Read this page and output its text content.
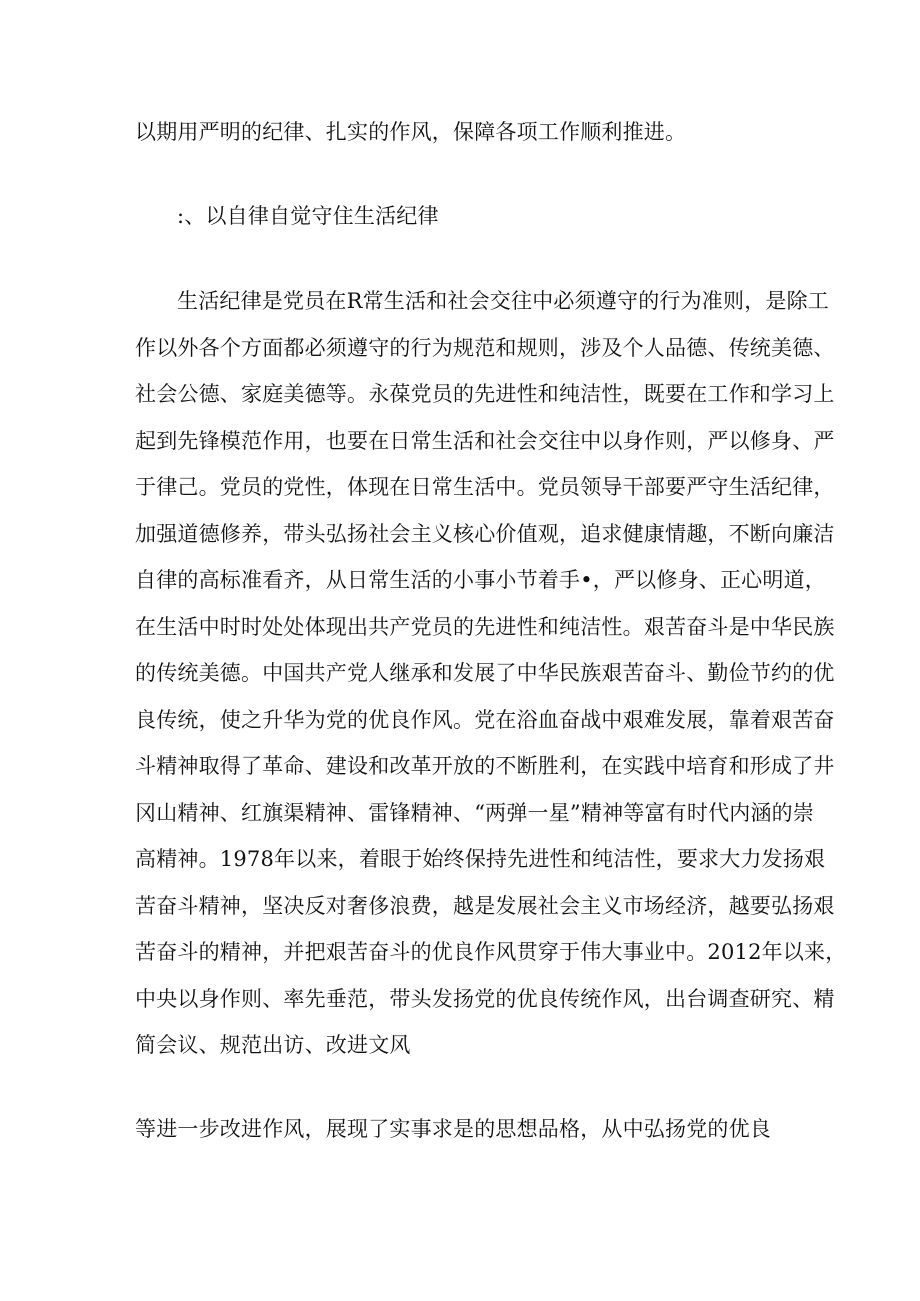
以期用严明的纪律、扎实的作风，保障各项工作顺利推进。
:、以自律自觉守住生活纪律
生活纪律是党员在R常生活和社会交往中必须遵守的行为准则，是除工
作以外各个方面都必须遵守的行为规范和规则，涉及个人品德、传统美德、
社会公德、家庭美德等。永葆党员的先进性和纯洁性，既要在工作和学习上
起到先锋模范作用，也要在日常生活和社会交往中以身作则，严以修身、严
于律己。党员的党性，体现在日常生活中。党员领导干部要严守生活纪律，
加强道德修养，带头弘扬社会主义核心价值观，追求健康情趣，不断向廉洁
自律的高标准看齐，从日常生活的小事小节着手•，严以修身、正心明道，
在生活中时时处处体现出共产党员的先进性和纯洁性。艰苦奋斗是中华民族
的传统美德。中国共产党人继承和发展了中华民族艰苦奋斗、勤俭节约的优
良传统，使之升华为党的优良作风。党在浴血奋战中艰难发展，靠着艰苦奋
斗精神取得了革命、建设和改革开放的不断胜利，在实践中培育和形成了井
冈山精神、红旗渠精神、雷锋精神、“两弹一星”精神等富有时代内涵的崇
高精神。1978年以来，着眼于始终保持先进性和纯洁性，要求大力发扬艰
苦奋斗精神，坚决反对奢侈浪费，越是发展社会主义市场经济，越要弘扬艰
苦奋斗的精神，并把艰苦奋斗的优良作风贯穿于伟大事业中。2012年以来，
中央以身作则、率先垂范，带头发扬党的优良传统作风，出台调查研究、精
简会议、规范出访、改进文风
等进一步改进作风，展现了实事求是的思想品格，从中弘扬党的优良
